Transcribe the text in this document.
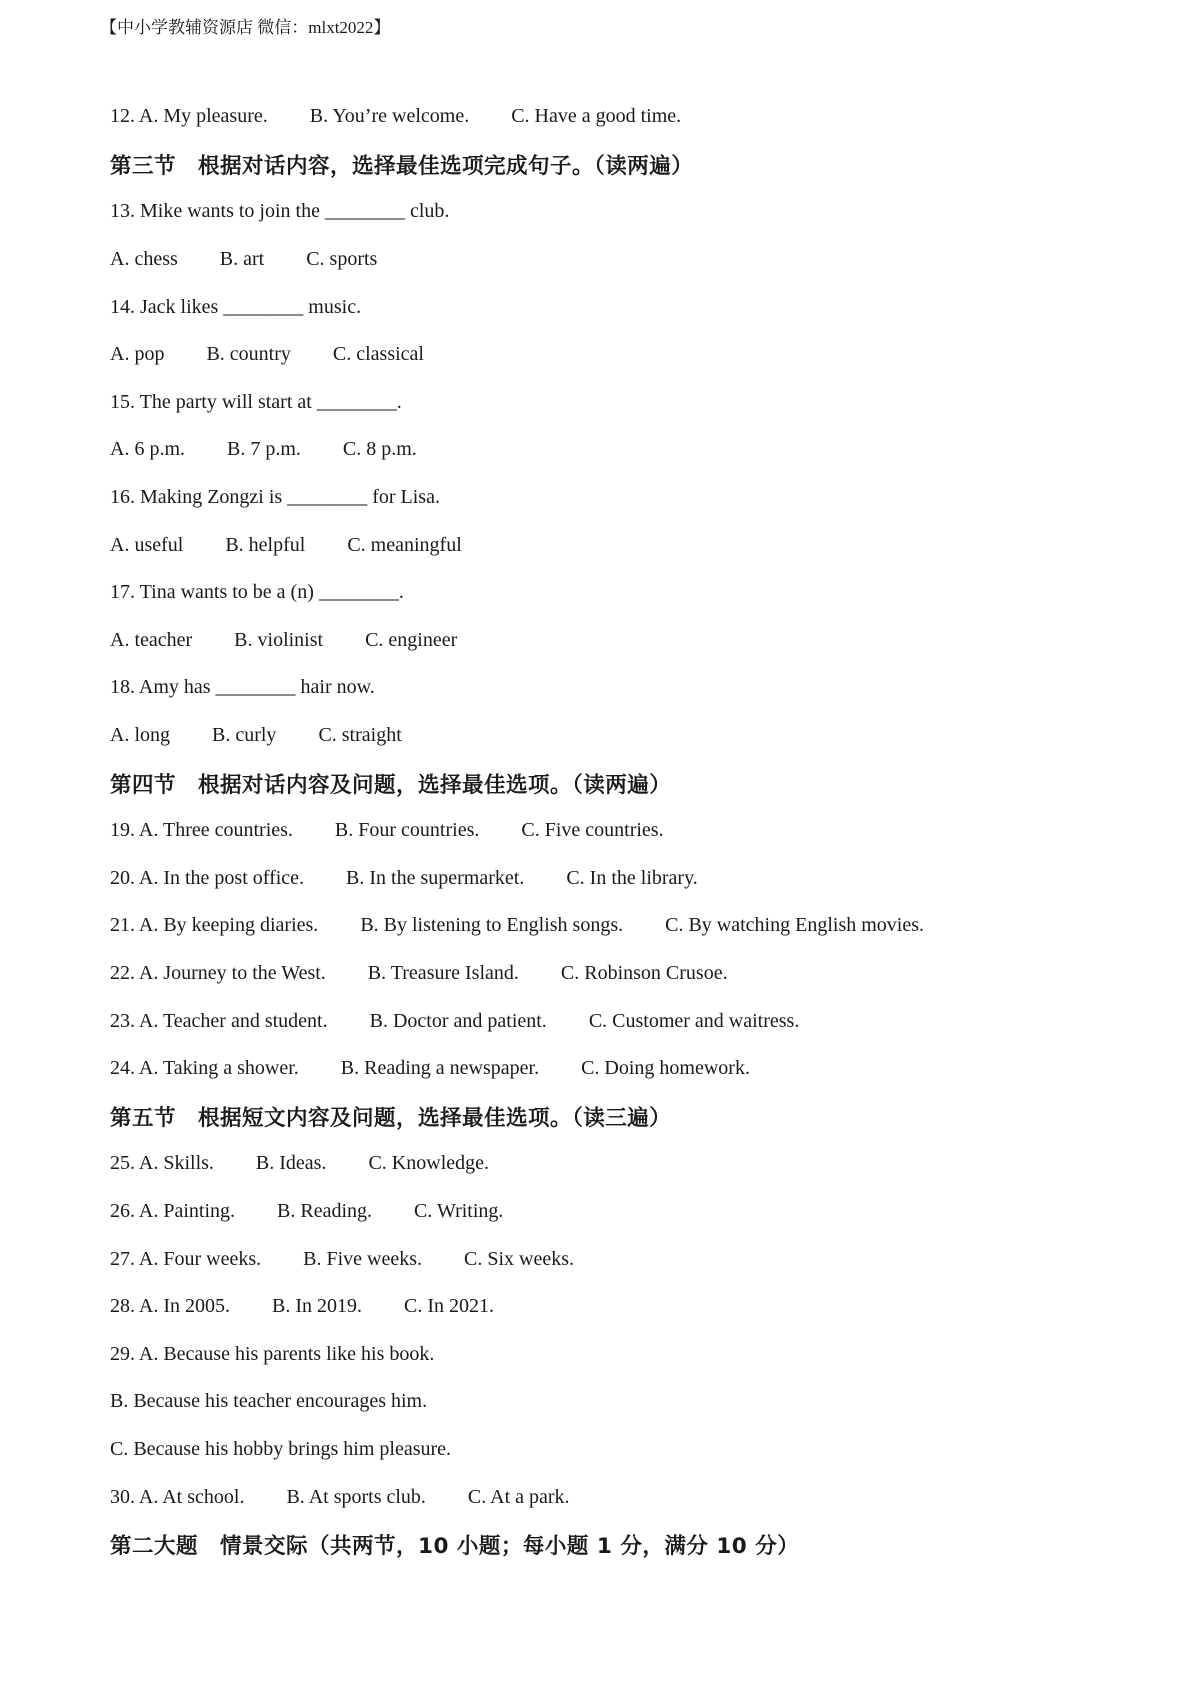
【中小学教辅资源店 微信：mlxt2022】
12. A. My pleasure. B. You’re welcome. C. Have a good time.
第三节　根据对话内容，选择最佳选项完成句子。（读两遍）
13. Mike wants to join the ________ club.
A. chess B. art C. sports
14. Jack likes ________ music.
A. pop B. country C. classical
15. The party will start at ________.
A. 6 p.m. B. 7 p.m. C. 8 p.m.
16. Making Zongzi is ________ for Lisa.
A. useful B. helpful C. meaningful
17. Tina wants to be a (n) ________.
A. teacher B. violinist C. engineer
18. Amy has ________ hair now.
A. long B. curly C. straight
第四节　根据对话内容及问题，选择最佳选项。（读两遍）
19. A. Three countries. B. Four countries. C. Five countries.
20. A. In the post office. B. In the supermarket. C. In the library.
21. A. By keeping diaries. B. By listening to English songs. C. By watching English movies.
22. A. Journey to the West. B. Treasure Island. C. Robinson Crusoe.
23. A. Teacher and student. B. Doctor and patient. C. Customer and waitress.
24. A. Taking a shower. B. Reading a newspaper. C. Doing homework.
第五节　根据短文内容及问题，选择最佳选项。（读三遍）
25. A. Skills. B. Ideas. C. Knowledge.
26. A. Painting. B. Reading. C. Writing.
27. A. Four weeks. B. Five weeks. C. Six weeks.
28. A. In 2005. B. In 2019. C. In 2021.
29. A. Because his parents like his book.
B. Because his teacher encourages him.
C. Because his hobby brings him pleasure.
30. A. At school. B. At sports club. C. At a park.
第二大题　情景交际（共两节，10 小题；每小题 1 分，满分 10 分）
